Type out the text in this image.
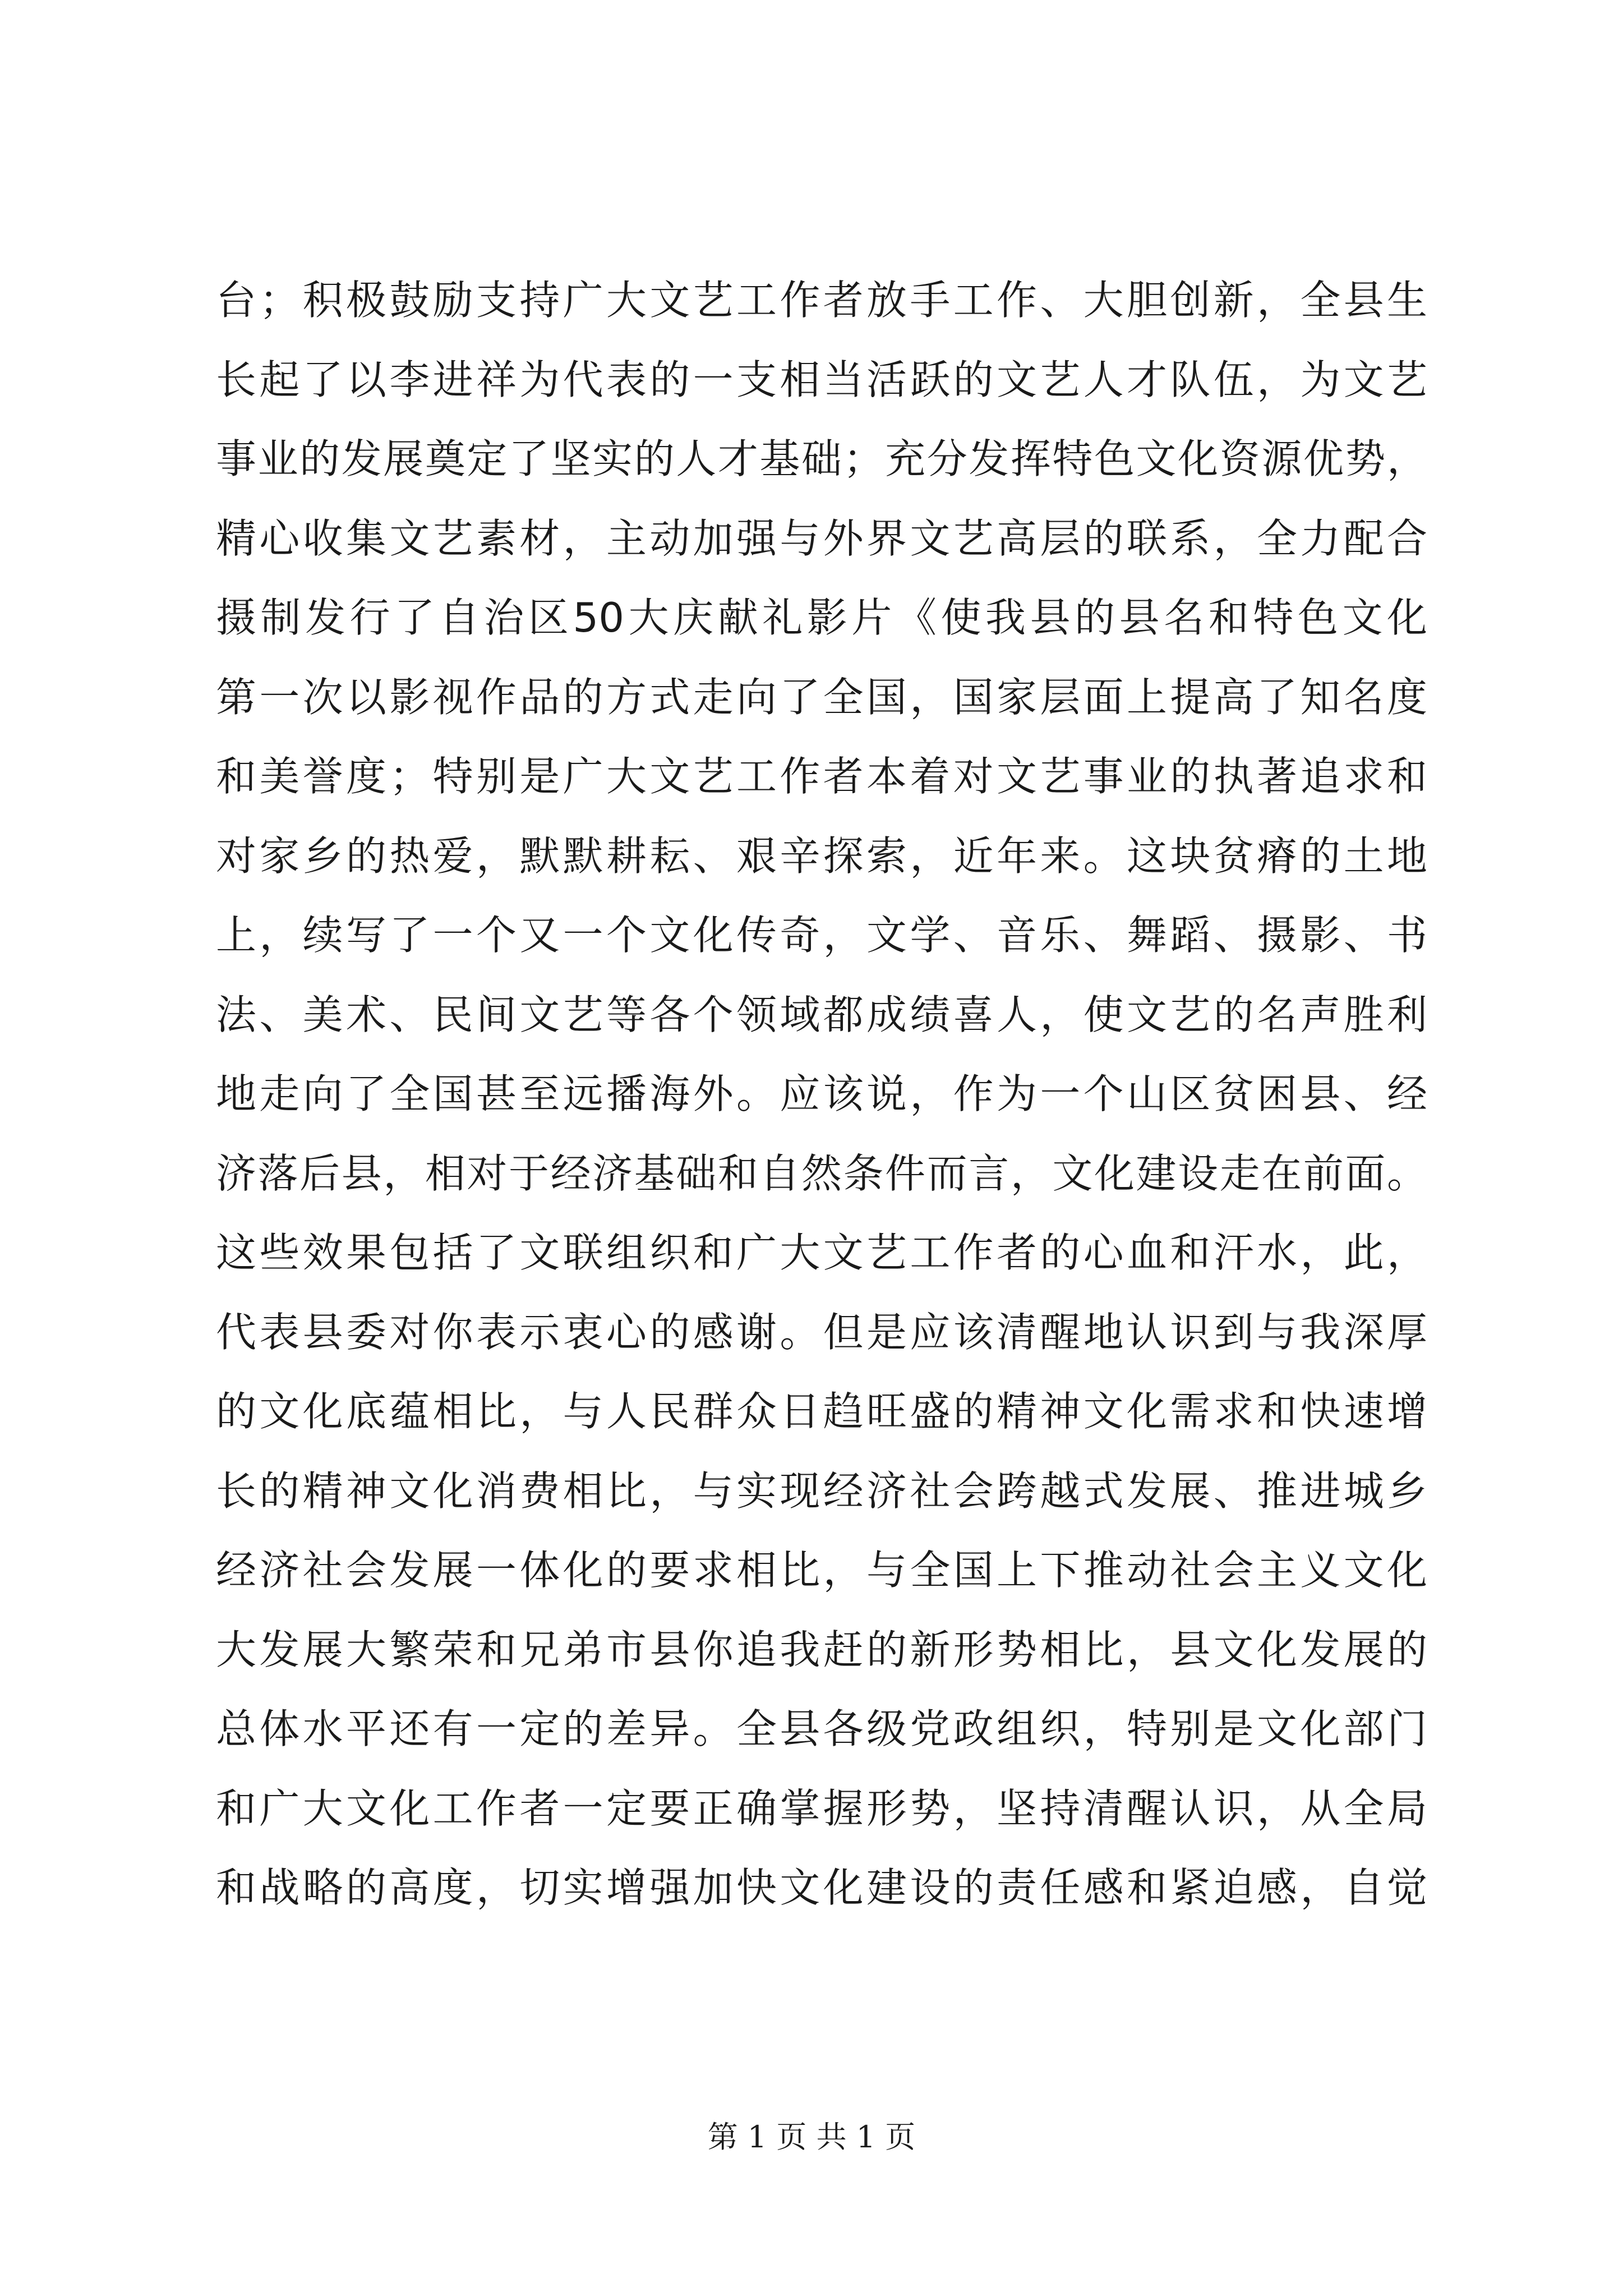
台；积极鼓励支持广大文艺工作者放手工作、大胆创新，全县生
长起了以李进祥为代表的一支相当活跃的文艺人才队伍，为文艺
事业的发展奠定了坚实的人才基础；充分发挥特色文化资源优势，
精心收集文艺素材，主动加强与外界文艺高层的联系，全力配合
摄制发行了自治区50大庆献礼影片《使我县的县名和特色文化
第一次以影视作品的方式走向了全国，国家层面上提高了知名度
和美誉度；特别是广大文艺工作者本着对文艺事业的执著追求和
对家乡的热爱，默默耕耘、艰辛探索，近年来。这块贫瘠的土地
上，续写了一个又一个文化传奇，文学、音乐、舞蹈、摄影、书
法、美术、民间文艺等各个领域都成绩喜人，使文艺的名声胜利
地走向了全国甚至远播海外。应该说，作为一个山区贫困县、经
济落后县，相对于经济基础和自然条件而言，文化建设走在前面。
这些效果包括了文联组织和广大文艺工作者的心血和汗水，此，
代表县委对你表示衷心的感谢。但是应该清醒地认识到与我深厚
的文化底蕴相比，与人民群众日趋旺盛的精神文化需求和快速增
长的精神文化消费相比，与实现经济社会跨越式发展、推进城乡
经济社会发展一体化的要求相比，与全国上下推动社会主义文化
大发展大繁荣和兄弟市县你追我赶的新形势相比，县文化发展的
总体水平还有一定的差异。全县各级党政组织，特别是文化部门
和广大文化工作者一定要正确掌握形势，坚持清醒认识，从全局
和战略的高度，切实增强加快文化建设的责任感和紧迫感，自觉
第 1 页 共 1 页
